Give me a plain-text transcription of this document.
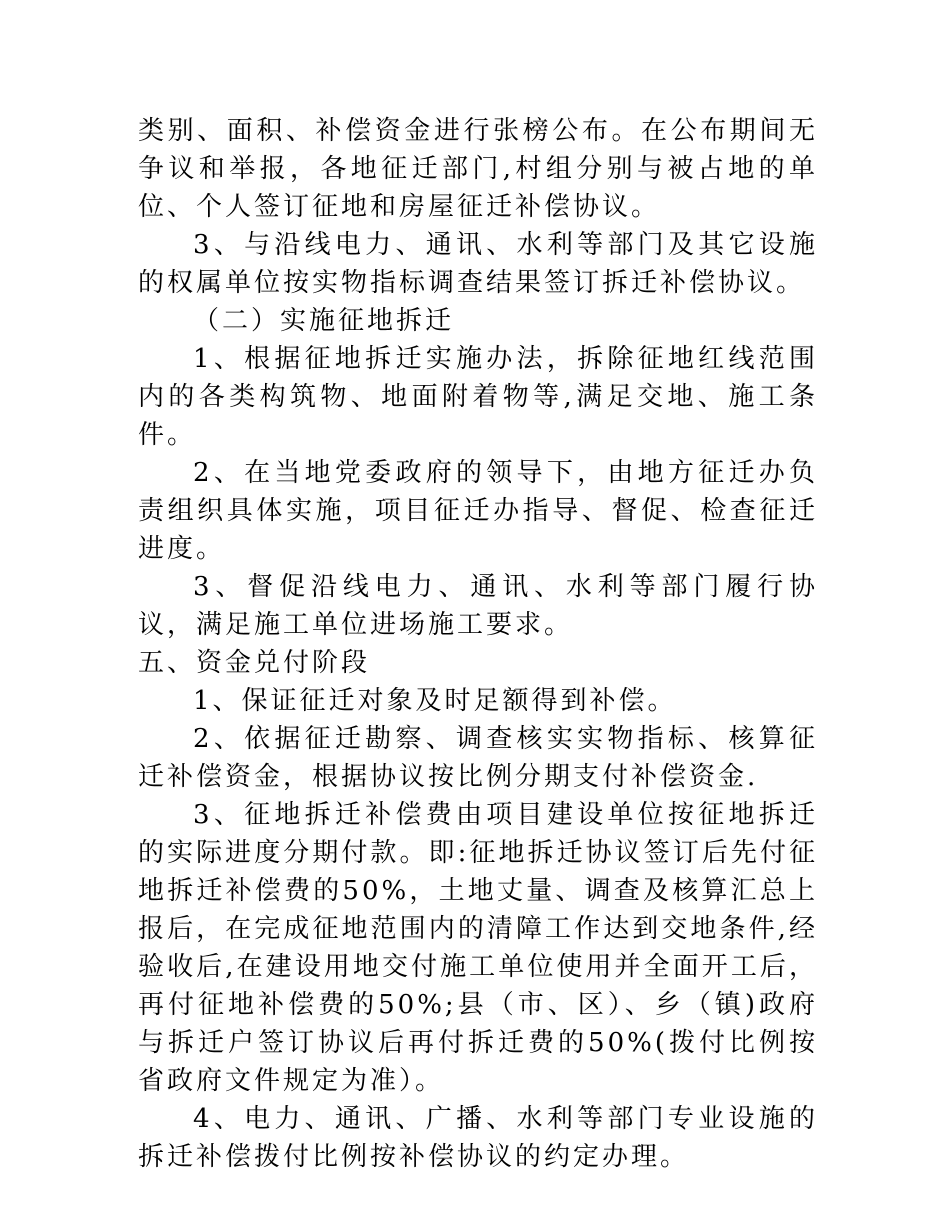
类别、面积、补偿资金进行张榜公布。在公布期间无争议和举报，各地征迁部门,村组分别与被占地的单位、个人签订征地和房屋征迁补偿协议。

3、与沿线电力、通讯、水利等部门及其它设施的权属单位按实物指标调查结果签订拆迁补偿协议。

（二）实施征地拆迁

1、根据征地拆迁实施办法，拆除征地红线范围内的各类构筑物、地面附着物等,满足交地、施工条件。

2、在当地党委政府的领导下，由地方征迁办负责组织具体实施，项目征迁办指导、督促、检查征迁进度。

3、督促沿线电力、通讯、水利等部门履行协议，满足施工单位进场施工要求。

五、资金兑付阶段

1、保证征迁对象及时足额得到补偿。

2、依据征迁勘察、调查核实实物指标、核算征迁补偿资金，根据协议按比例分期支付补偿资金.

3、征地拆迁补偿费由项目建设单位按征地拆迁的实际进度分期付款。即:征地拆迁协议签订后先付征地拆迁补偿费的50%，土地丈量、调查及核算汇总上报后，在完成征地范围内的清障工作达到交地条件,经验收后,在建设用地交付施工单位使用并全面开工后，再付征地补偿费的50%;县（市、区）、乡（镇)政府与拆迁户签订协议后再付拆迁费的50%(拨付比例按省政府文件规定为准）。

4、电力、通讯、广播、水利等部门专业设施的拆迁补偿拨付比例按补偿协议的约定办理。
